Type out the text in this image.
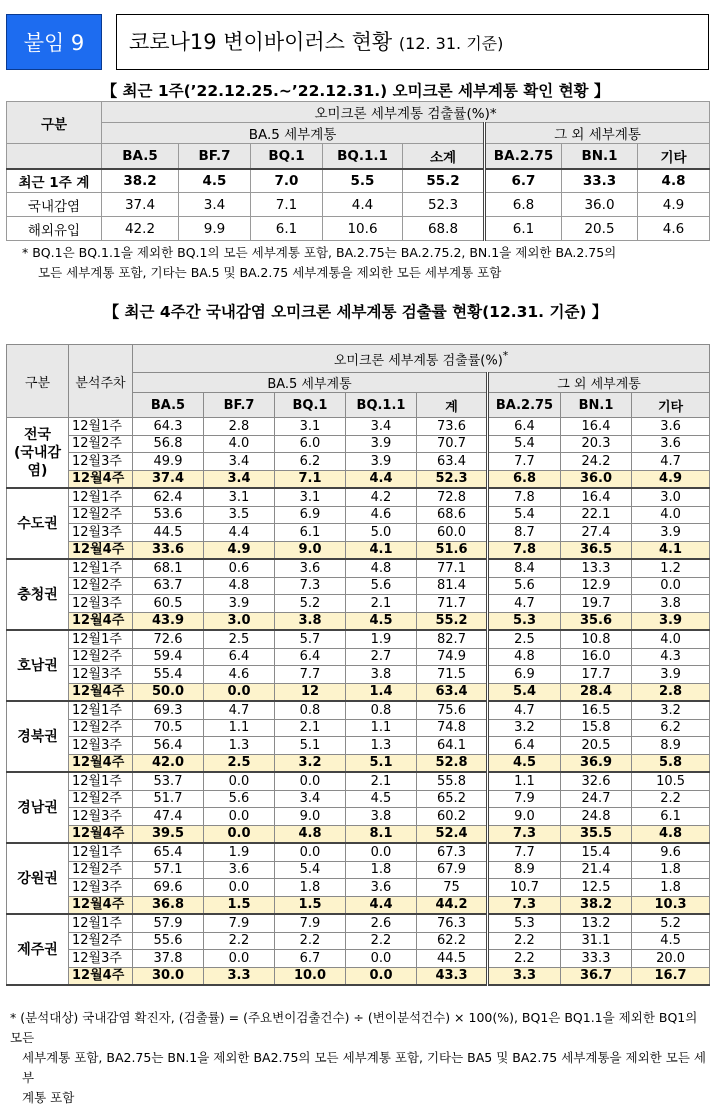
붙임 9	코로나19 변이바이러스 현황 (12. 31. 기준)
【 최근 1주(’22.12.25.~’22.12.31.) 오미크론 세부계통 확인 현황 】
구분	오미크론 세부계통 검출률(%)*							
	BA.5 세부계통					그 외 세부계통		
	BA.5	BF.7	BQ.1	BQ.1.1	소계	BA.2.75	BN.1	기타
최근 1주 계	38.2	4.5	7.0	5.5	55.2	6.7	33.3	4.8
국내감염	37.4	3.4	7.1	4.4	52.3	6.8	36.0	4.9
해외유입	42.2	9.9	6.1	10.6	68.8	6.1	20.5	4.6
* BQ.1은 BQ.1.1을 제외한 BQ.1의 모든 세부계통 포함, BA.2.75는 BA.2.75.2, BN.1을 제외한 BA.2.75의
모든 세부계통 포함, 기타는 BA.5 및 BA.2.75 세부계통을 제외한 모든 세부계통 포함
【 최근 4주간 국내감염 오미크론 세부계통 검출률 현황(12.31. 기준) 】
구분	분석주차	오미크론 세부계통 검출률(%)*
		BA.5 세부계통					그 외 세부계통		
		BA.5	BF.7	BQ.1	BQ.1.1	계	BA.2.75	BN.1	기타
전국
(국내감염)	12월1주	64.3	2.8	3.1	3.4	73.6	6.4	16.4	3.6
	12월2주	56.8	4.0	6.0	3.9	70.7	5.4	20.3	3.6
	12월3주	49.9	3.4	6.2	3.9	63.4	7.7	24.2	4.7
	12월4주	37.4	3.4	7.1	4.4	52.3	6.8	36.0	4.9
수도권	12월1주	62.4	3.1	3.1	4.2	72.8	7.8	16.4	3.0
	12월2주	53.6	3.5	6.9	4.6	68.6	5.4	22.1	4.0
	12월3주	44.5	4.4	6.1	5.0	60.0	8.7	27.4	3.9
	12월4주	33.6	4.9	9.0	4.1	51.6	7.8	36.5	4.1
충청권	12월1주	68.1	0.6	3.6	4.8	77.1	8.4	13.3	1.2
	12월2주	63.7	4.8	7.3	5.6	81.4	5.6	12.9	0.0
	12월3주	60.5	3.9	5.2	2.1	71.7	4.7	19.7	3.8
	12월4주	43.9	3.0	3.8	4.5	55.2	5.3	35.6	3.9
호남권	12월1주	72.6	2.5	5.7	1.9	82.7	2.5	10.8	4.0
	12월2주	59.4	6.4	6.4	2.7	74.9	4.8	16.0	4.3
	12월3주	55.4	4.6	7.7	3.8	71.5	6.9	17.7	3.9
	12월4주	50.0	0.0	12	1.4	63.4	5.4	28.4	2.8
경북권	12월1주	69.3	4.7	0.8	0.8	75.6	4.7	16.5	3.2
	12월2주	70.5	1.1	2.1	1.1	74.8	3.2	15.8	6.2
	12월3주	56.4	1.3	5.1	1.3	64.1	6.4	20.5	8.9
	12월4주	42.0	2.5	3.2	5.1	52.8	4.5	36.9	5.8
경남권	12월1주	53.7	0.0	0.0	2.1	55.8	1.1	32.6	10.5
	12월2주	51.7	5.6	3.4	4.5	65.2	7.9	24.7	2.2
	12월3주	47.4	0.0	9.0	3.8	60.2	9.0	24.8	6.1
	12월4주	39.5	0.0	4.8	8.1	52.4	7.3	35.5	4.8
강원권	12월1주	65.4	1.9	0.0	0.0	67.3	7.7	15.4	9.6
	12월2주	57.1	3.6	5.4	1.8	67.9	8.9	21.4	1.8
	12월3주	69.6	0.0	1.8	3.6	75	10.7	12.5	1.8
	12월4주	36.8	1.5	1.5	4.4	44.2	7.3	38.2	10.3
제주권	12월1주	57.9	7.9	7.9	2.6	76.3	5.3	13.2	5.2
	12월2주	55.6	2.2	2.2	2.2	62.2	2.2	31.1	4.5
	12월3주	37.8	0.0	6.7	0.0	44.5	2.2	33.3	20.0
	12월4주	30.0	3.3	10.0	0.0	43.3	3.3	36.7	16.7
* (분석대상) 국내감염 확진자, (검출률) = (주요변이검출건수) ÷ (변이분석건수) × 100(%), BQ1은 BQ1.1을 제외한 BQ1의 모든
세부계통 포함, BA2.75는 BN.1을 제외한 BA2.75의 모든 세부계통 포함, 기타는 BA5 및 BA2.75 세부계통을 제외한 모든 세부
계통 포함
